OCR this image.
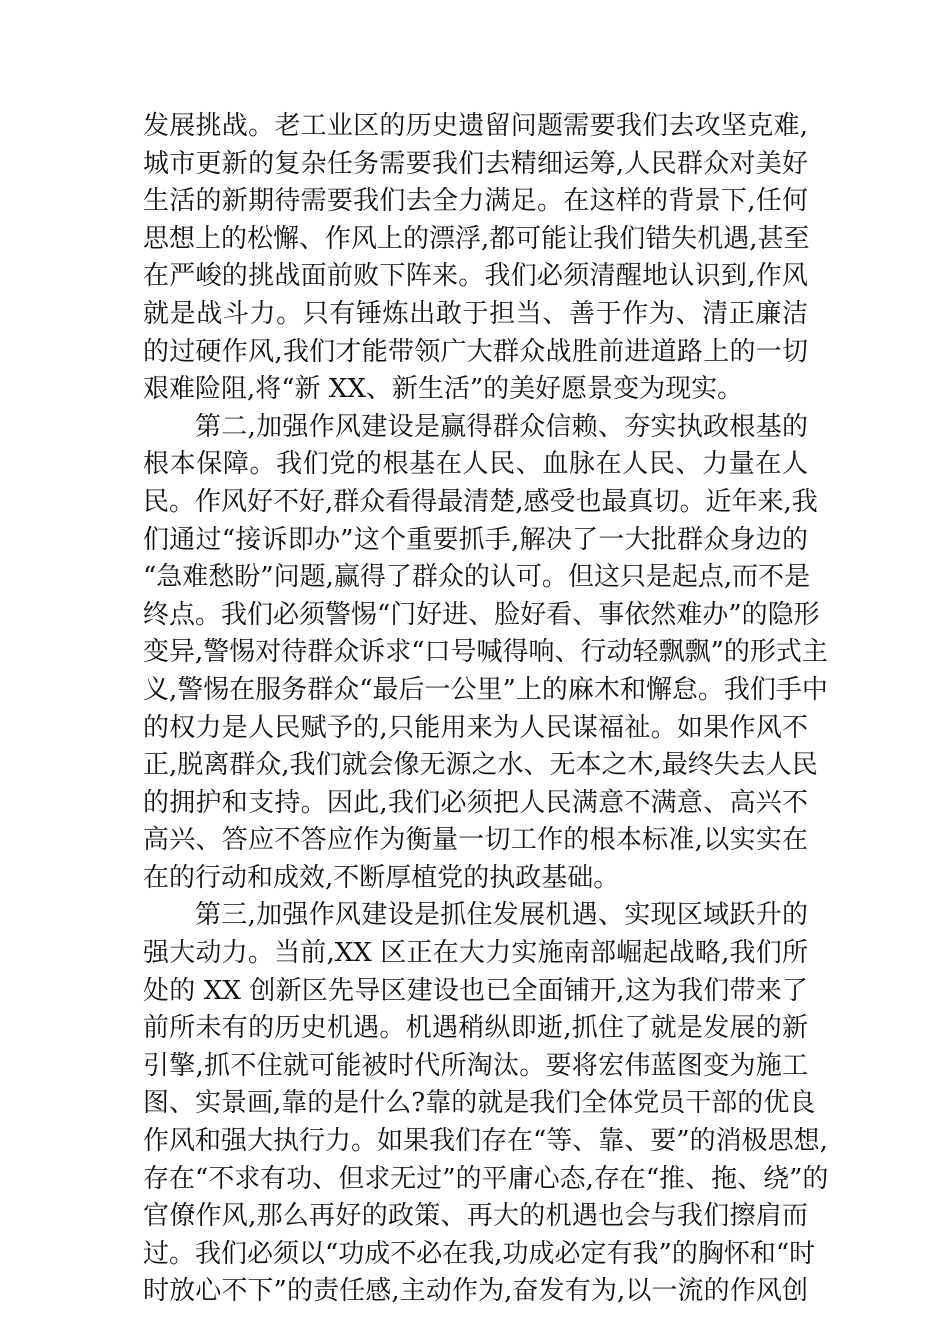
发展挑战。老工业区的历史遗留问题需要我们去攻坚克难,
城市更新的复杂任务需要我们去精细运筹,人民群众对美好
生活的新期待需要我们去全力满足。在这样的背景下,任何
思想上的松懈、作风上的漂浮,都可能让我们错失机遇,甚至
在严峻的挑战面前败下阵来。我们必须清醒地认识到,作风
就是战斗力。只有锤炼出敢于担当、善于作为、清正廉洁
的过硬作风,我们才能带领广大群众战胜前进道路上的一切
艰难险阻,将“新 XX、新生活”的美好愿景变为现实。
第二,加强作风建设是赢得群众信赖、夯实执政根基的
根本保障。我们党的根基在人民、血脉在人民、力量在人
民。作风好不好,群众看得最清楚,感受也最真切。近年来,我
们通过“接诉即办”这个重要抓手,解决了一大批群众身边的
“急难愁盼”问题,赢得了群众的认可。但这只是起点,而不是
终点。我们必须警惕“门好进、脸好看、事依然难办”的隐形
变异,警惕对待群众诉求“口号喊得响、行动轻飘飘”的形式主
义,警惕在服务群众“最后一公里”上的麻木和懈怠。我们手中
的权力是人民赋予的,只能用来为人民谋福祉。如果作风不
正,脱离群众,我们就会像无源之水、无本之木,最终失去人民
的拥护和支持。因此,我们必须把人民满意不满意、高兴不
高兴、答应不答应作为衡量一切工作的根本标准,以实实在
在的行动和成效,不断厚植党的执政基础。
第三,加强作风建设是抓住发展机遇、实现区域跃升的
强大动力。当前,XX 区正在大力实施南部崛起战略,我们所
处的 XX 创新区先导区建设也已全面铺开,这为我们带来了
前所未有的历史机遇。机遇稍纵即逝,抓住了就是发展的新
引擎,抓不住就可能被时代所淘汰。要将宏伟蓝图变为施工
图、实景画,靠的是什么?靠的就是我们全体党员干部的优良
作风和强大执行力。如果我们存在“等、靠、要”的消极思想,
存在“不求有功、但求无过”的平庸心态,存在“推、拖、绕”的
官僚作风,那么再好的政策、再大的机遇也会与我们擦肩而
过。我们必须以“功成不必在我,功成必定有我”的胸怀和“时
时放心不下”的责任感,主动作为,奋发有为,以一流的作风创
